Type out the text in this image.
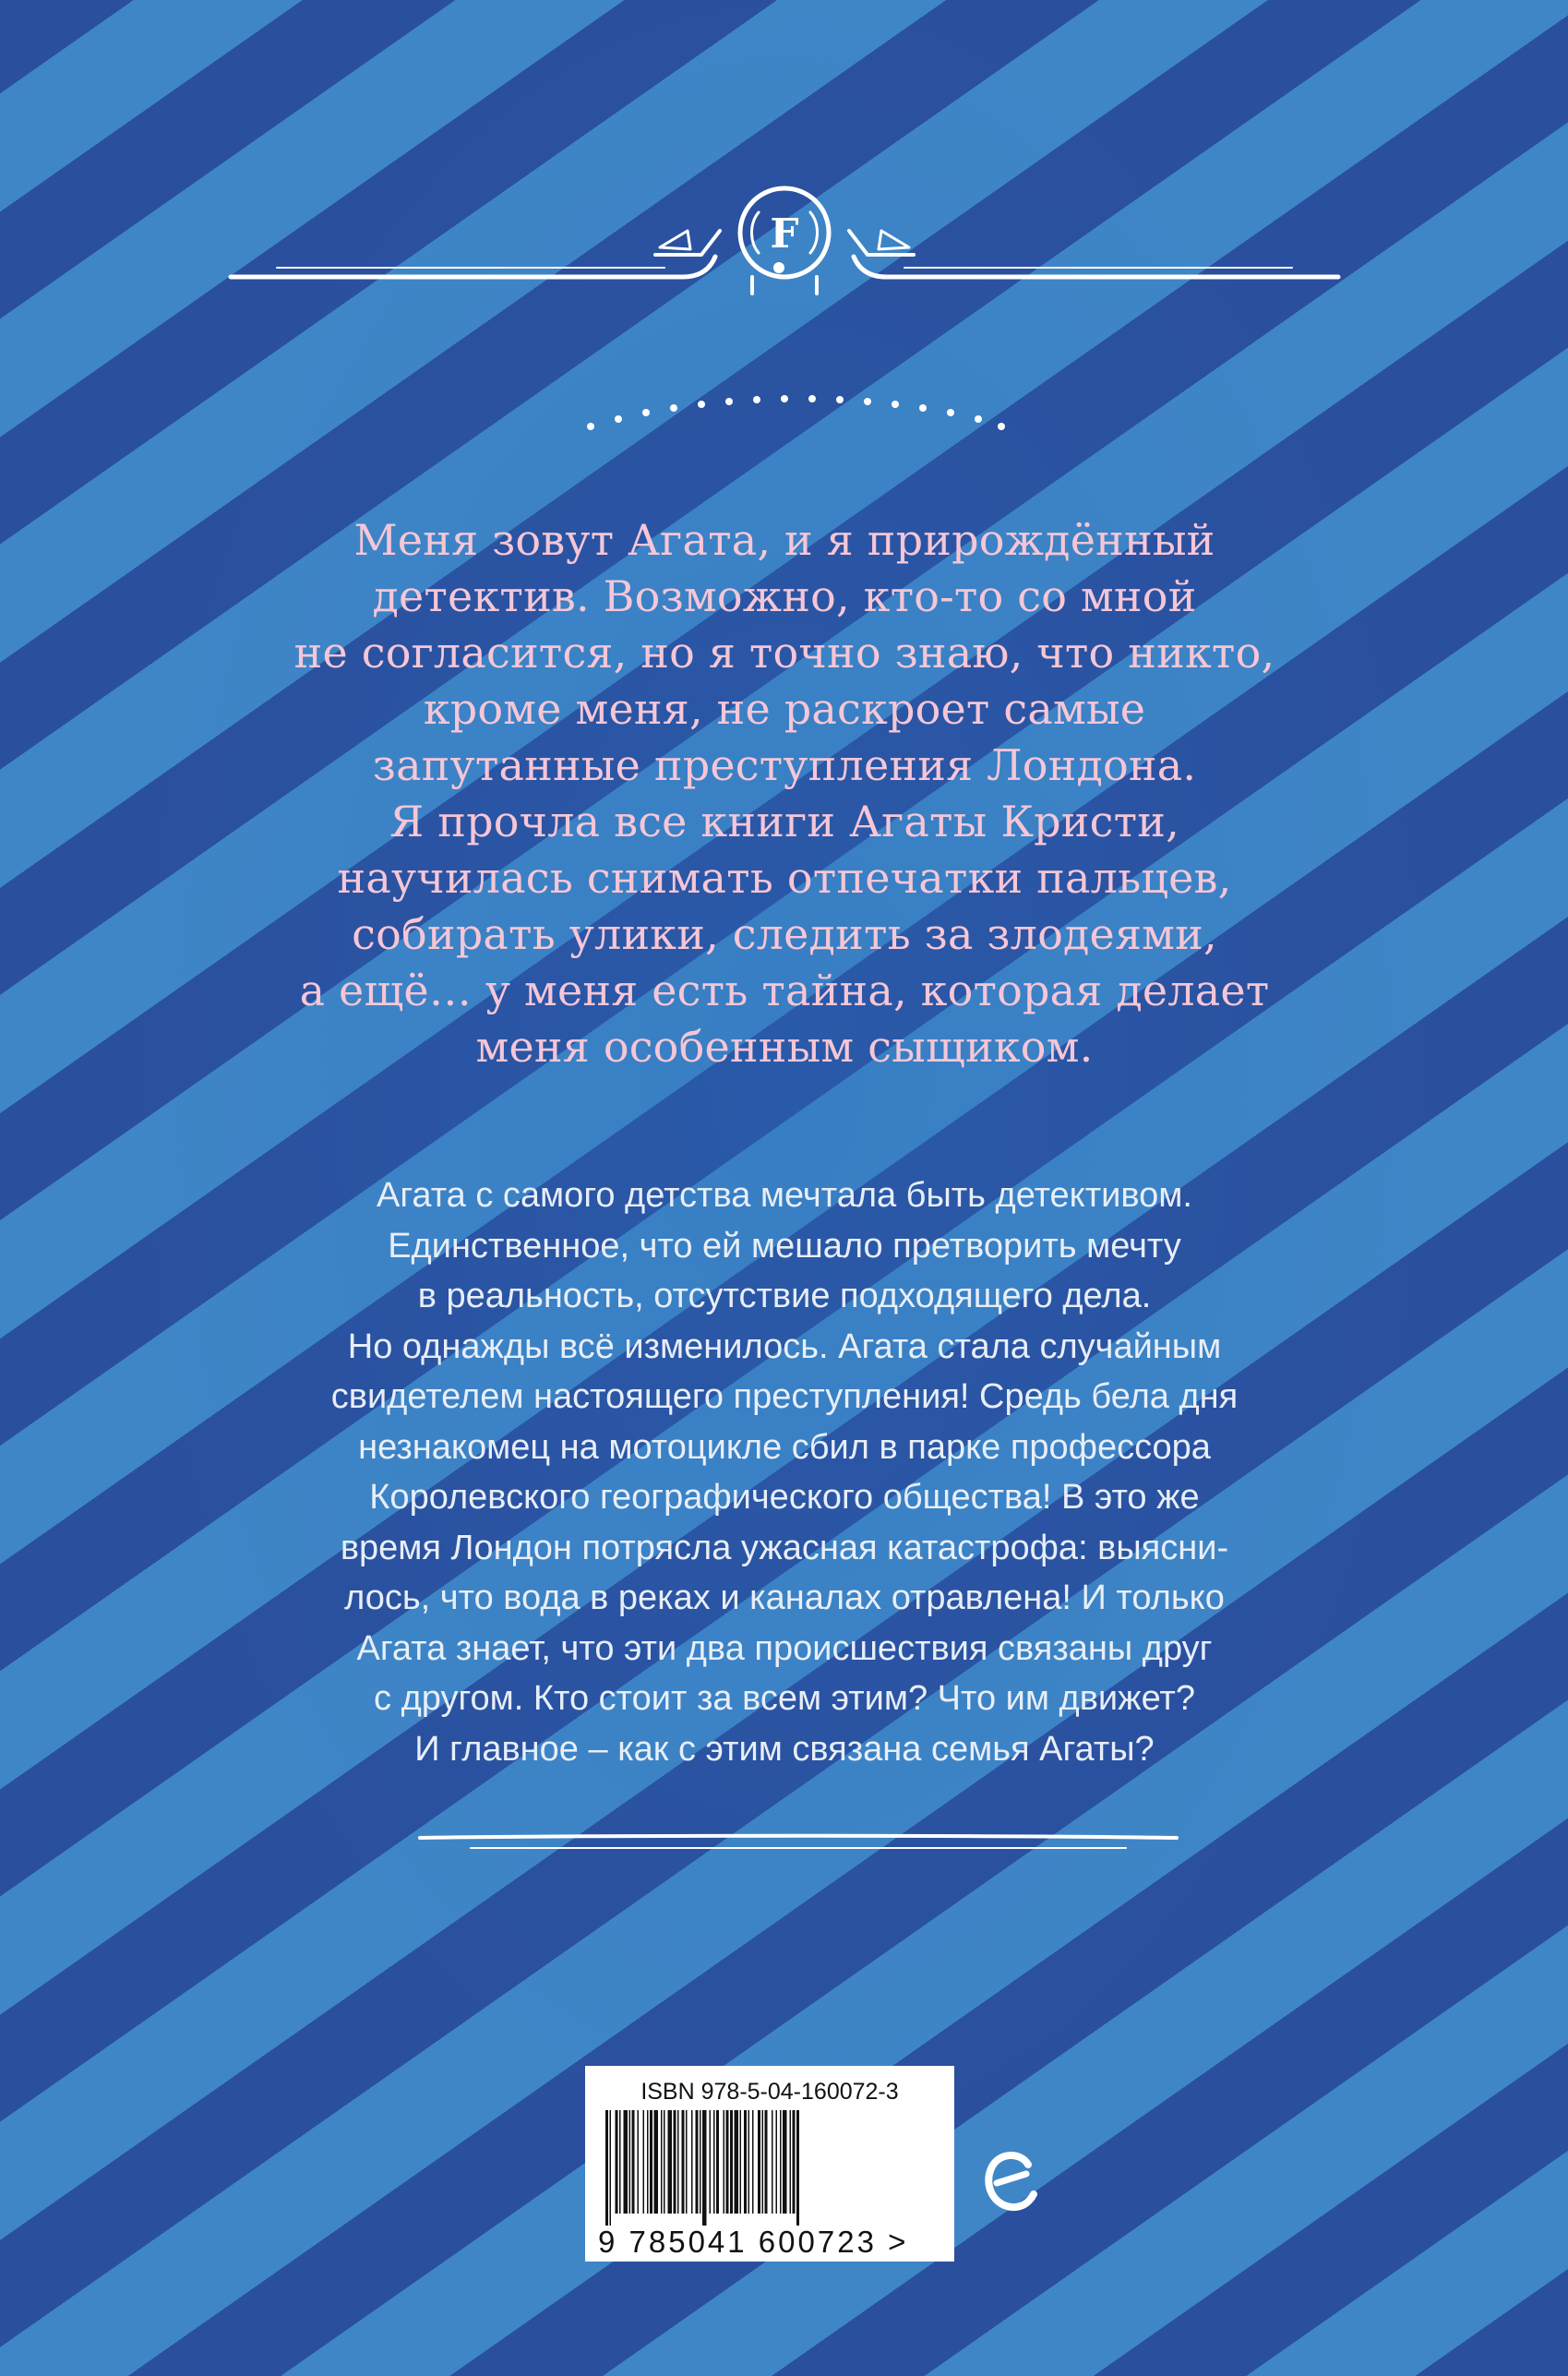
F
Меня зовут Агата, и я прирождённый
детектив. Возможно, кто-то со мной
не согласится, но я точно знаю, что никто,
кроме меня, не раскроет самые
запутанные преступления Лондона.
Я прочла все книги Агаты Кристи,
научилась снимать отпечатки пальцев,
собирать улики, следить за злодеями,
а ещё… у меня есть тайна, которая делает
меня особенным сыщиком.
Агата с самого детства мечтала быть детективом.
Единственное, что ей мешало претворить мечту
в реальность, отсутствие подходящего дела.
Но однажды всё изменилось. Агата стала случайным
свидетелем настоящего преступления! Средь бела дня
незнакомец на мотоцикле сбил в парке профессора
Королевского географического общества! В это же
время Лондон потрясла ужасная катастрофа: выясни-
лось, что вода в реках и каналах отравлена! И только
Агата знает, что эти два происшествия связаны друг
с другом. Кто стоит за всем этим? Что им движет?
И главное – как с этим связана семья Агаты?
ISBN 978-5-04-160072-3
9 785041 600723 >
